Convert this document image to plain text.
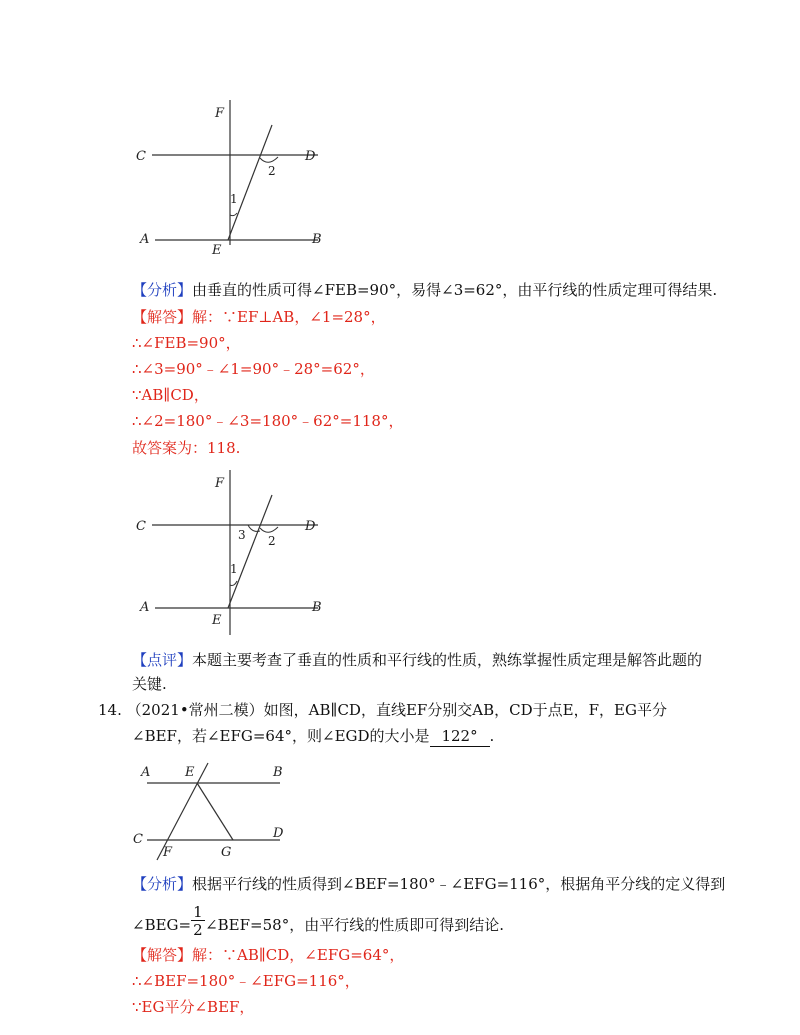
F
C	D
A
E
B
1
2
【分析】由垂直的性质可得∠FEB=90°，易得∠3=62°，由平行线的性质定理可得结果.
【解答】解：∵EF⊥AB，∠1=28°，
∴∠FEB=90°，
∴∠3=90°﹣∠1=90°﹣28°=62°，
∵AB∥CD，
∴∠2=180°﹣∠3=180°﹣62°=118°，
故答案为：118.
F
C	D
A
E
B
1
2
3
【点评】本题主要考查了垂直的性质和平行线的性质，熟练掌握性质定理是解答此题的
关键.
14. （2021•常州二模）如图，AB∥CD，直线EF分别交AB，CD于点E，F，EG平分
∠BEF，若∠EFG=64°，则∠EGD的大小是 122° .
A	E	B
C
F	G
D
【分析】根据平行线的性质得到∠BEF=180°﹣∠EFG=116°，根据角平分线的定义得到
∠BEG= $\frac{1}{2}$ ∠BEF=58°，由平行线的性质即可得到结论.
【解答】解：∵AB∥CD，∠EFG=64°，
∴∠BEF=180°﹣∠EFG=116°，
∵EG平分∠BEF，
